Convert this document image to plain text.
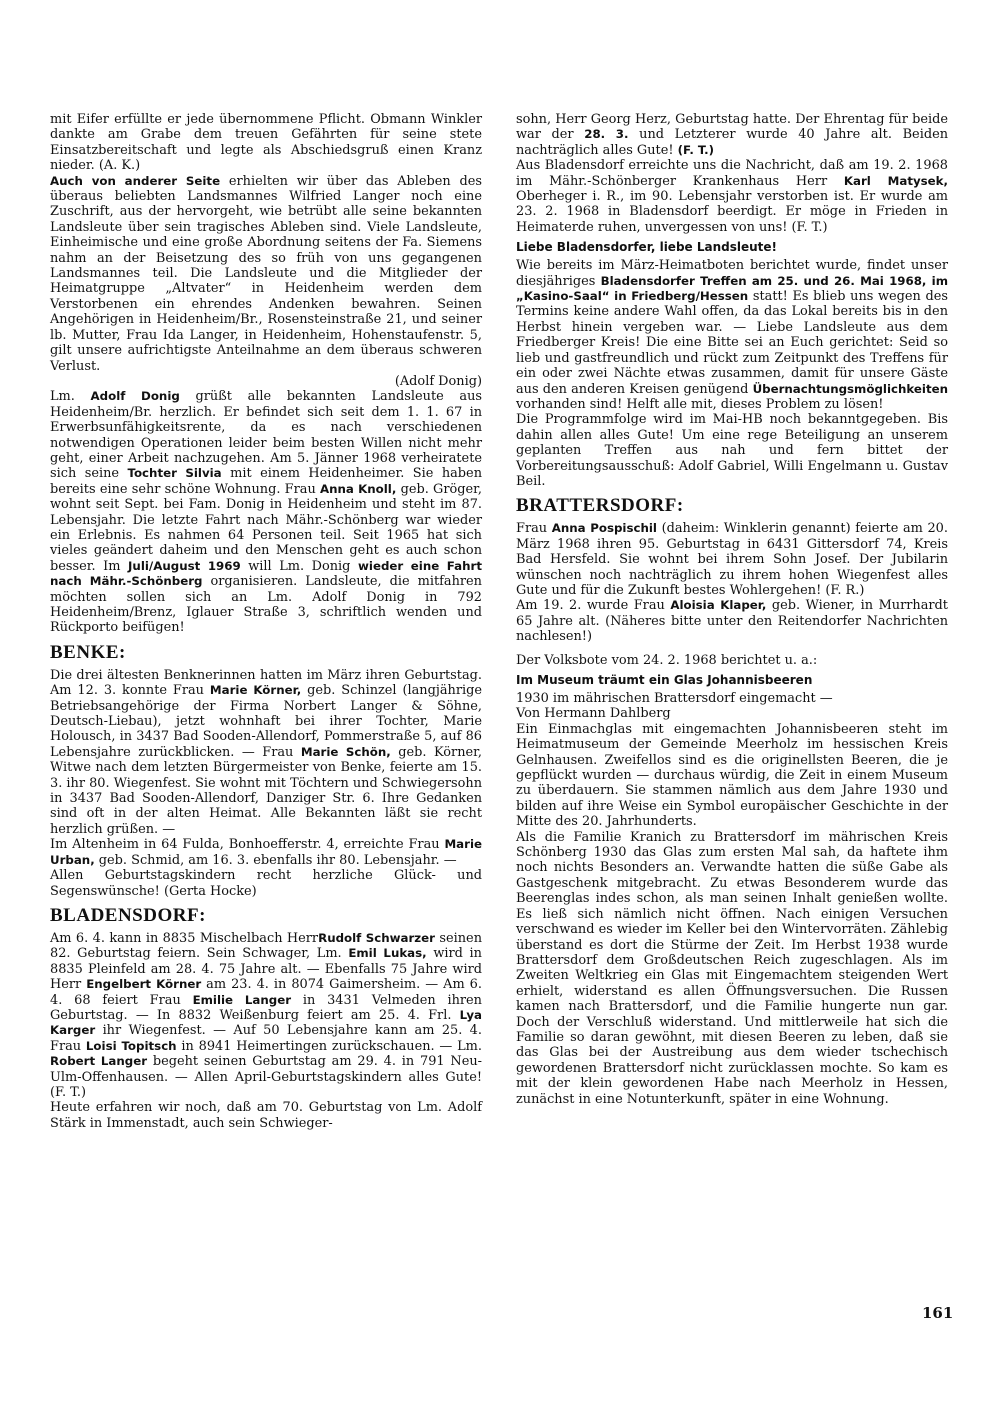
mit Eifer erfüllte er jede übernommene Pflicht. Obmann Winkler dankte am Grabe dem treuen Gefährten für seine stete Einsatzbereitschaft und legte als Abschiedsgruß einen Kranz nieder. (A. K.)

Auch von anderer Seite erhielten wir über das Ableben des überaus beliebten Landsmannes Wilfried Langer noch eine Zuschrift, aus der hervorgeht, wie betrübt alle seine bekannten Landsleute über sein tragisches Ableben sind. Viele Landsleute, Einheimische und eine große Abordnung seitens der Fa. Siemens nahm an der Beisetzung des so früh von uns gegangenen Landsmannes teil. Die Landsleute und die Mitglieder der Heimatgruppe „Altvater“ in Heidenheim werden dem Verstorbenen ein ehrendes Andenken bewahren. Seinen Angehörigen in Heidenheim/Br., Rosensteinstraße 21, und seiner lb. Mutter, Frau Ida Langer, in Heidenheim, Hohenstaufenstr. 5, gilt unsere aufrichtigste Anteilnahme an dem überaus schweren Verlust.

(Adolf Donig)

Lm. Adolf Donig grüßt alle bekannten Landsleute aus Heidenheim/Br. herzlich. Er befindet sich seit dem 1. 1. 67 in Erwerbsunfähigkeitsrente, da es nach verschiedenen notwendigen Operationen leider beim besten Willen nicht mehr geht, einer Arbeit nachzugehen. Am 5. Jänner 1968 verheiratete sich seine Tochter Silvia mit einem Heidenheimer. Sie haben bereits eine sehr schöne Wohnung. Frau Anna Knoll, geb. Gröger, wohnt seit Sept. bei Fam. Donig in Heidenheim und steht im 87. Lebensjahr. Die letzte Fahrt nach Mähr.-Schönberg war wieder ein Erlebnis. Es nahmen 64 Personen teil. Seit 1965 hat sich vieles geändert daheim und den Menschen geht es auch schon besser. Im Juli/August 1969 will Lm. Donig wieder eine Fahrt nach Mähr.-Schönberg organisieren. Landsleute, die mitfahren möchten sollen sich an Lm. Adolf Donig in 792 Heidenheim/Brenz, Iglauer Straße 3, schriftlich wenden und Rückporto beifügen!

BENKE:

Die drei ältesten Benknerinnen hatten im März ihren Geburtstag. Am 12. 3. konnte Frau Marie Körner, geb. Schinzel (langjährige Betriebsangehörige der Firma Norbert Langer & Söhne, Deutsch-Liebau), jetzt wohnhaft bei ihrer Tochter, Marie Holousch, in 3437 Bad Sooden-Allendorf, Pommerstraße 5, auf 86 Lebensjahre zurückblicken. — Frau Marie Schön, geb. Körner, Witwe nach dem letzten Bürgermeister von Benke, feierte am 15. 3. ihr 80. Wiegenfest. Sie wohnt mit Töchtern und Schwiegersohn in 3437 Bad Sooden-Allendorf, Danziger Str. 6. Ihre Gedanken sind oft in der alten Heimat. Alle Bekannten läßt sie recht herzlich grüßen. —

Im Altenheim in 64 Fulda, Bonhoefferstr. 4, erreichte Frau Marie Urban, geb. Schmid, am 16. 3. ebenfalls ihr 80. Lebensjahr. —

Allen Geburtstagskindern recht herzliche Glück- und Segenswünsche! (Gerta Hocke)

BLADENSDORF:

Am 6. 4. kann in 8835 Mischelbach HerrRudolf Schwarzer seinen 82. Geburtstag feiern. Sein Schwager, Lm. Emil Lukas, wird in 8835 Pleinfeld am 28. 4. 75 Jahre alt. — Ebenfalls 75 Jahre wird Herr Engelbert Körner am 23. 4. in 8074 Gaimersheim. — Am 6. 4. 68 feiert Frau Emilie Langer in 3431 Velmeden ihren Geburtstag. — In 8832 Weißenburg feiert am 25. 4. Frl. Lya Karger ihr Wiegenfest. — Auf 50 Lebensjahre kann am 25. 4. Frau Loisi Topitsch in 8941 Heimertingen zurückschauen. — Lm. Robert Langer begeht seinen Geburtstag am 29. 4. in 791 Neu-Ulm-Offenhausen. — Allen April-Geburtstagskindern alles Gute! (F. T.)

Heute erfahren wir noch, daß am 70. Geburtstag von Lm. Adolf Stärk in Immenstadt, auch sein Schwieger-

sohn, Herr Georg Herz, Geburtstag hatte. Der Ehrentag für beide war der 28. 3. und Letzterer wurde 40 Jahre alt. Beiden nachträglich alles Gute! (F. T.)

Aus Bladensdorf erreichte uns die Nachricht, daß am 19. 2. 1968 im Mähr.-Schönberger Krankenhaus Herr Karl Matysek, Oberheger i. R., im 90. Lebensjahr verstorben ist. Er wurde am 23. 2. 1968 in Bladensdorf beerdigt. Er möge in Frieden in Heimaterde ruhen, unvergessen von uns! (F. T.)

Liebe Bladensdorfer, liebe Landsleute!

Wie bereits im März-Heimatboten berichtet wurde, findet unser diesjähriges Bladensdorfer Treffen am 25. und 26. Mai 1968, im „Kasino-Saal“ in Friedberg/Hessen statt! Es blieb uns wegen des Termins keine andere Wahl offen, da das Lokal bereits bis in den Herbst hinein vergeben war. — Liebe Landsleute aus dem Friedberger Kreis! Die eine Bitte sei an Euch gerichtet: Seid so lieb und gastfreundlich und rückt zum Zeitpunkt des Treffens für ein oder zwei Nächte etwas zusammen, damit für unsere Gäste aus den anderen Kreisen genügend Übernachtungsmöglichkeiten vorhanden sind! Helft alle mit, dieses Problem zu lösen!

Die Programmfolge wird im Mai-HB noch bekanntgegeben. Bis dahin allen alles Gute! Um eine rege Beteiligung an unserem geplanten Treffen aus nah und fern bittet der Vorbereitungsausschuß: Adolf Gabriel, Willi Engelmann u. Gustav Beil.

BRATTERSDORF:

Frau Anna Pospischil (daheim: Winklerin genannt) feierte am 20. März 1968 ihren 95. Geburtstag in 6431 Gittersdorf 74, Kreis Bad Hersfeld. Sie wohnt bei ihrem Sohn Josef. Der Jubilarin wünschen noch nachträglich zu ihrem hohen Wiegenfest alles Gute und für die Zukunft bestes Wohlergehen! (F. R.)

Am 19. 2. wurde Frau Aloisia Klaper, geb. Wiener, in Murrhardt 65 Jahre alt. (Näheres bitte unter den Reitendorfer Nachrichten nachlesen!)

Der Volksbote vom 24. 2. 1968 berichtet u. a.:

Im Museum träumt ein Glas Johannisbeeren

1930 im mährischen Brattersdorf eingemacht —

Von Hermann Dahlberg

Ein Einmachglas mit eingemachten Johannisbeeren steht im Heimatmuseum der Gemeinde Meerholz im hessischen Kreis Gelnhausen. Zweifellos sind es die originellsten Beeren, die je gepflückt wurden — durchaus würdig, die Zeit in einem Museum zu überdauern. Sie stammen nämlich aus dem Jahre 1930 und bilden auf ihre Weise ein Symbol europäischer Geschichte in der Mitte des 20. Jahrhunderts.

Als die Familie Kranich zu Brattersdorf im mährischen Kreis Schönberg 1930 das Glas zum ersten Mal sah, da haftete ihm noch nichts Besonders an. Verwandte hatten die süße Gabe als Gastgeschenk mitgebracht. Zu etwas Besonderem wurde das Beerenglas indes schon, als man seinen Inhalt genießen wollte. Es ließ sich nämlich nicht öffnen. Nach einigen Versuchen verschwand es wieder im Keller bei den Wintervorräten. Zählebig überstand es dort die Stürme der Zeit. Im Herbst 1938 wurde Brattersdorf dem Großdeutschen Reich zugeschlagen. Als im Zweiten Weltkrieg ein Glas mit Eingemachtem steigenden Wert erhielt, widerstand es allen Öffnungsversuchen. Die Russen kamen nach Brattersdorf, und die Familie hungerte nun gar. Doch der Verschluß widerstand. Und mittlerweile hat sich die Familie so daran gewöhnt, mit diesen Beeren zu leben, daß sie das Glas bei der Austreibung aus dem wieder tschechisch gewordenen Brattersdorf nicht zurücklassen mochte. So kam es mit der klein gewordenen Habe nach Meerholz in Hessen, zunächst in eine Notunterkunft, später in eine Wohnung.

161
